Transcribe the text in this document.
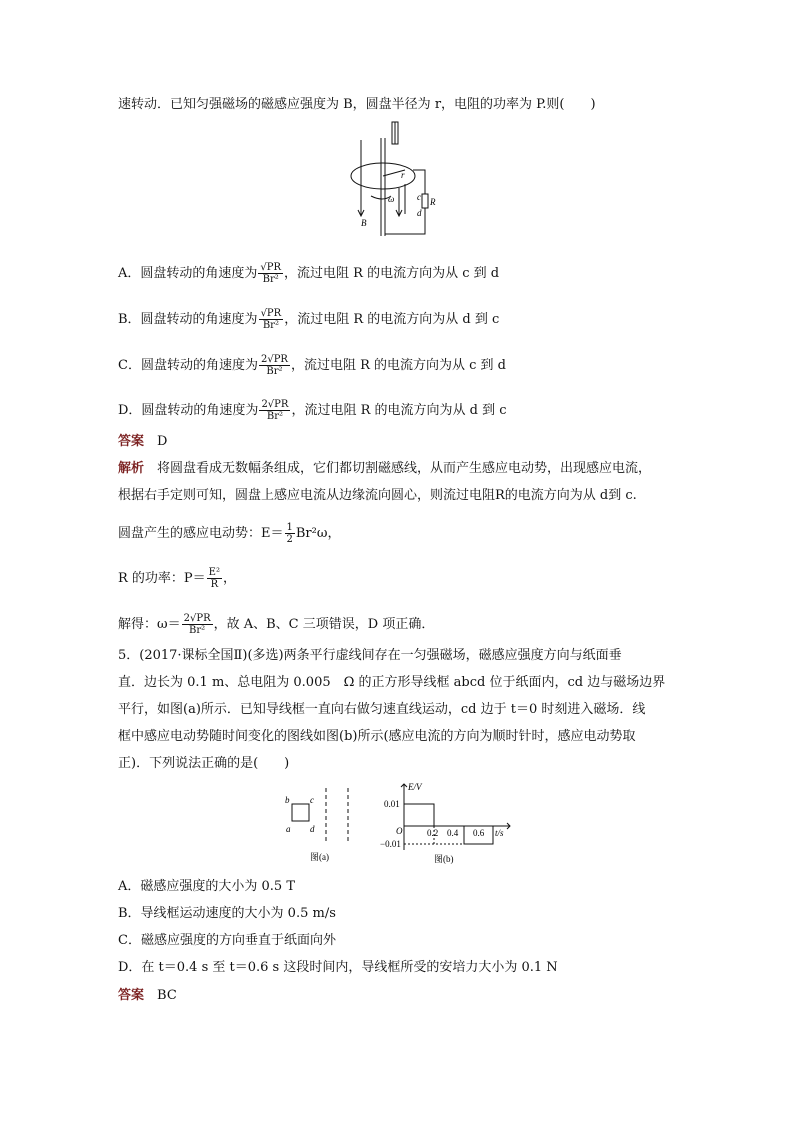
速转动．已知匀强磁场的磁感应强度为 B，圆盘半径为 r，电阻的功率为 P.则(　　)
r
c R
ω
d
B
A．圆盘转动的角速度为 $\frac{√PR}{\text{Br²}}$ ，流过电阻 R 的电流方向为从 c 到 d
B．圆盘转动的角速度为 $\frac{√PR}{\text{Br²}}$ ，流过电阻 R 的电流方向为从 d 到 c
C．圆盘转动的角速度为 $\frac{2√PR}{\text{Br²}}$ ，流过电阻 R 的电流方向为从 c 到 d
D．圆盘转动的角速度为 $\frac{2√PR}{\text{Br²}}$ ，流过电阻 R 的电流方向为从 d 到 c
答案　 D
解析　 将圆盘看成无数幅条组成，它们都切割磁感线，从而产生感应电动势，出现感应电流，
根据右手定则可知，圆盘上感应电流从边缘流向圆心，则流过电阻R的电流方向为从 d到 c.
圆盘产生的感应电动势：$E= \frac{1}{2} Br^2\omega$，
R 的功率：$P= \frac{\text{E²}}{R}$ ，
解得：$\omega= \frac{2√PR}{\text{Br²}}$ ，故 A、B、C 三项错误，D 项正确．
5．(2017·课标全国Ⅱ)(多选)两条平行虚线间存在一匀强磁场，磁感应强度方向与纸面垂
直．边长为 0.1 m、总电阻为 0.005　Ω 的正方形导线框 abcd 位于纸面内，cd 边与磁场边界
平行，如图(a)所示．已知导线框一直向右做匀速直线运动，cd 边于 t＝0 时刻进入磁场．线
框中感应电动势随时间变化的图线如图(b)所示(感应电流的方向为顺时针时，感应电动势取
正)．下列说法正确的是(　　)
b c
a d
图(a)
E/V
0.01
−0.01
O	0.2 0.4 0.6 t/s
图(b)
A．磁感应强度的大小为 0.5 T
B．导线框运动速度的大小为 0.5 m/s
C．磁感应强度的方向垂直于纸面向外
D．在 t＝0.4 s 至 t＝0.6 s 这段时间内，导线框所受的安培力大小为 0.1 N
答案　 BC
